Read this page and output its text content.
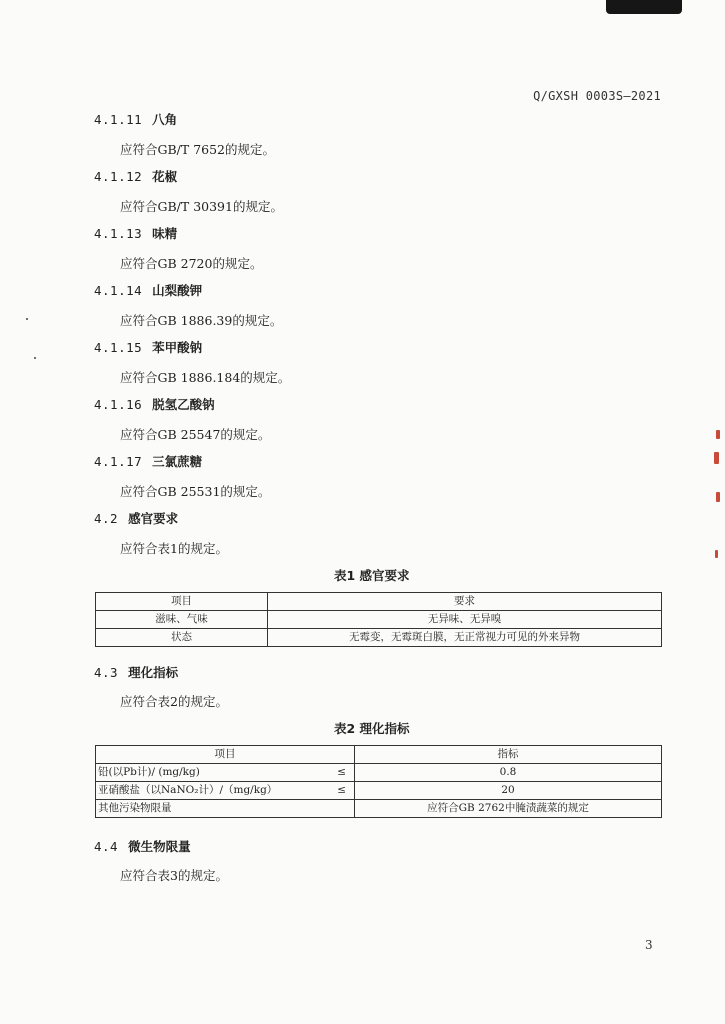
Q/GXSH 0003S—2021
4.1.11 八角
应符合GB/T 7652的规定。
4.1.12 花椒
应符合GB/T 30391的规定。
4.1.13 味精
应符合GB 2720的规定。
4.1.14 山梨酸钾
应符合GB 1886.39的规定。
4.1.15 苯甲酸钠
应符合GB 1886.184的规定。
4.1.16 脱氢乙酸钠
应符合GB 25547的规定。
4.1.17 三氯蔗糖
应符合GB 25531的规定。
4.2 感官要求
应符合表1的规定。
表1 感官要求
项目	要求
滋味、气味	无异味、无异嗅
状态	无霉变，无霉斑白膜，无正常视力可见的外来异物
4.3 理化指标
应符合表2的规定。
表2 理化指标
项目	指标
铅(以Pb计)/ (mg/kg) ≤	0.8
亚硝酸盐（以NaNO₂计）/（mg/kg） ≤	20
其他污染物限量	应符合GB 2762中腌渍蔬菜的规定
4.4 微生物限量
应符合表3的规定。
3
